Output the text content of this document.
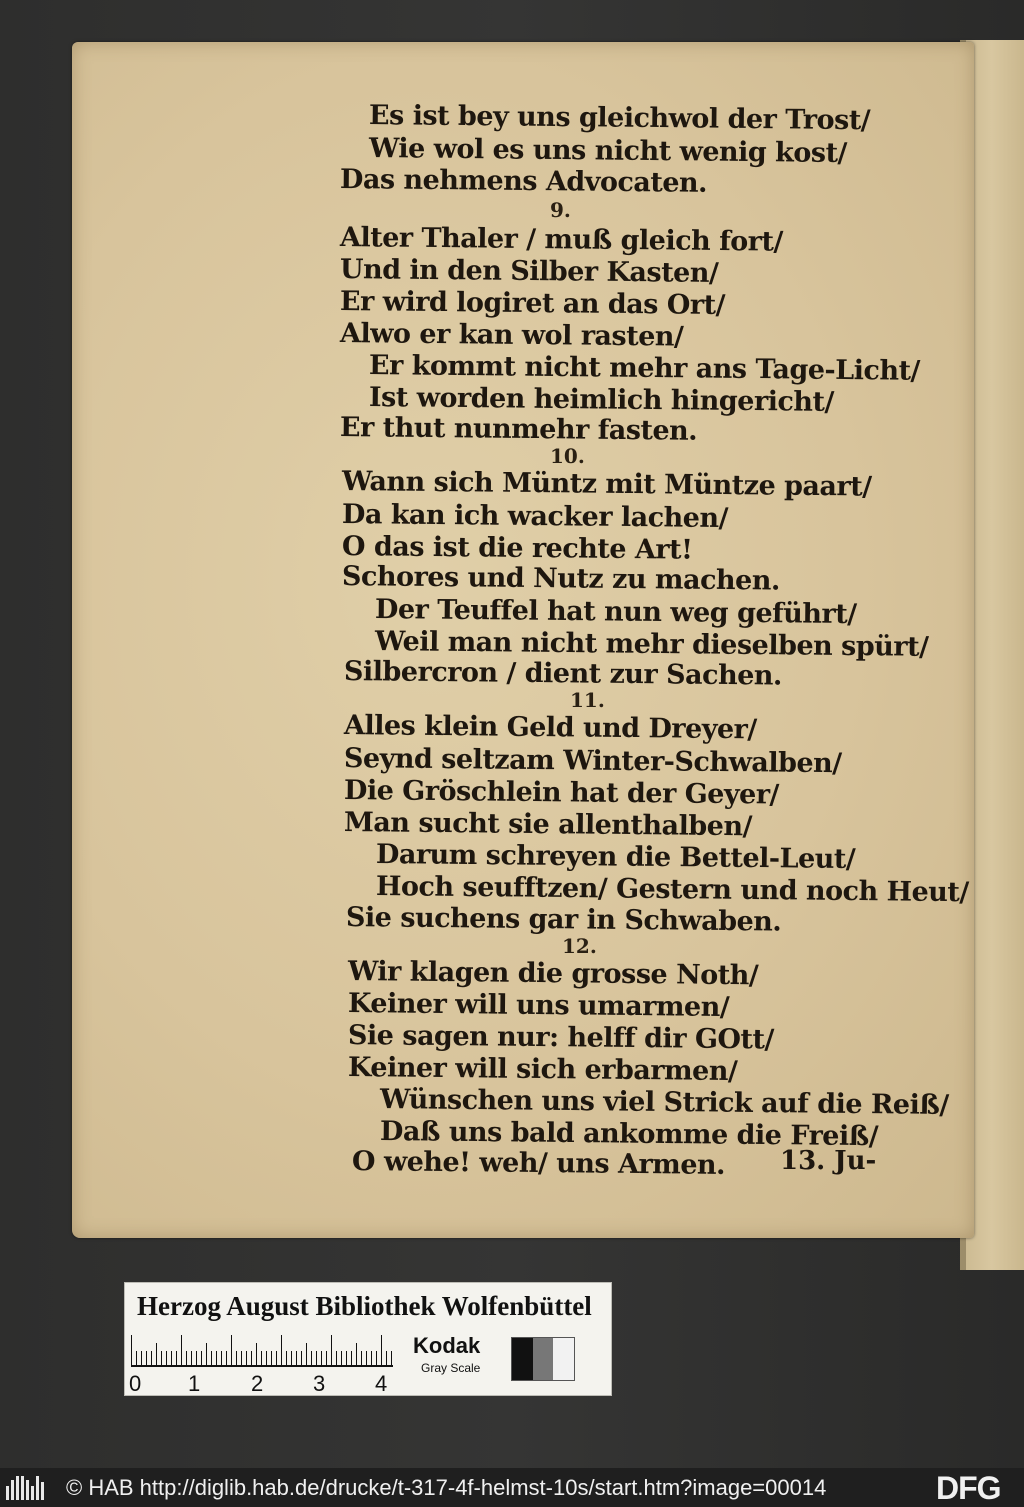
Es ist bey uns gleichwol der Trost/
Wie wol es uns nicht wenig kost/
Das nehmens Advocaten.
9.
Alter Thaler / muß gleich fort/
Und in den Silber Kasten/
Er wird logiret an das Ort/
Alwo er kan wol rasten/
Er kommt nicht mehr ans Tage-Licht/
Ist worden heimlich hingericht/
Er thut nunmehr fasten.
10.
Wann sich Müntz mit Müntze paart/
Da kan ich wacker lachen/
O das ist die rechte Art!
Schores und Nutz zu machen.
Der Teuffel hat nun weg geführt/
Weil man nicht mehr dieselben spürt/
Silbercron / dient zur Sachen.
11.
Alles klein Geld und Dreyer/
Seynd seltzam Winter-Schwalben/
Die Gröschlein hat der Geyer/
Man sucht sie allenthalben/
Darum schreyen die Bettel-Leut/
Hoch seufftzen/ Gestern und noch Heut/
Sie suchens gar in Schwaben.
12.
Wir klagen die grosse Noth/
Keiner will uns umarmen/
Sie sagen nur: helff dir GOtt/
Keiner will sich erbarmen/
Wünschen uns viel Strick auf die Reiß/
Daß uns bald ankomme die Freiß/
O wehe! weh/ uns Armen. 13. Ju-
Herzog August Bibliothek Wolfenbüttel
0 1 2 3 4
Kodak
Gray Scale
© HAB http://diglib.hab.de/drucke/t-317-4f-helmst-10s/start.htm?image=00014	DFG
